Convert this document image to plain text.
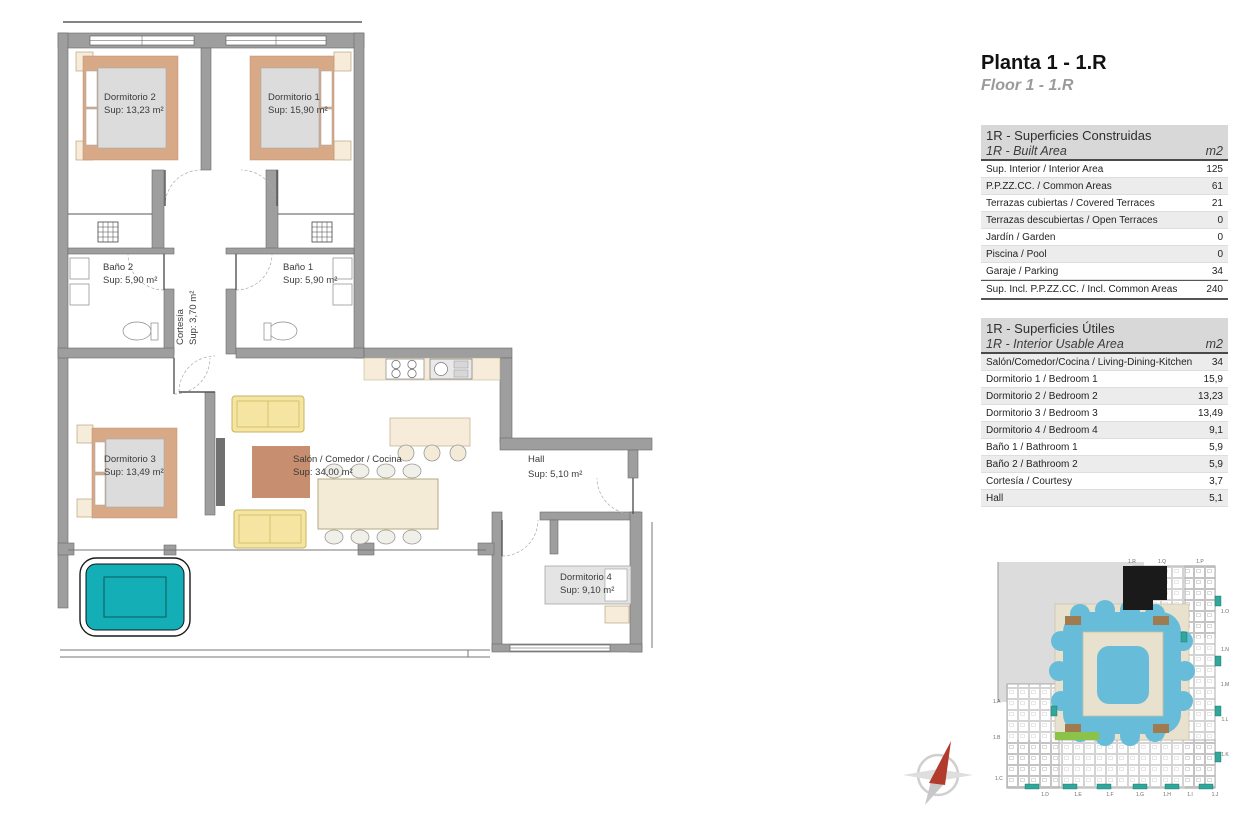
Dormitorio 2
Sup: 13,23 m²
Dormitorio 1
Sup: 15,90 m²
Baño 2
Sup: 5,90 m²
Baño 1
Sup: 5,90 m²
Cortesía Sup: 3,70 m²
Dormitorio 3
Sup: 13,49 m²
Salón / Comedor / Cocina
Sup: 34,00 m²
Hall
Sup: 5,10 m²
Dormitorio 4
Sup: 9,10 m²
Planta 1 - 1.R
Floor 1 - 1.R
1R - Superficies Construidas
1R - Built Area	m2
Sup. Interior / Interior Area	125
P.P.ZZ.CC. / Common Areas	61
Terrazas cubiertas / Covered Terraces	21
Terrazas descubiertas / Open Terraces	0
Jardín / Garden	0
Piscina / Pool	0
Garaje / Parking	34
Sup. Incl. P.P.ZZ.CC. / Incl. Common Areas	240
1R - Superficies Útiles
1R - Interior Usable Area	m2
Salón/Comedor/Cocina / Living-Dining-Kitchen 34
Dormitorio 1 / Bedroom 1	15,9
Dormitorio 2 / Bedroom 2	13,23
Dormitorio 3 / Bedroom 3	13,49
Dormitorio 4 / Bedroom 4	9,1
Baño 1 / Bathroom 1	5,9
Baño 2 / Bathroom 2	5,9
Cortesía / Courtesy	3,7
Hall	5,1
1.R	1.Q	1.P
1.O
1.N
1.M
1.L
1.K
1.A
1.B
1.C
1.D	1.E	1.F	1.G	1.H	1.I	1.J
